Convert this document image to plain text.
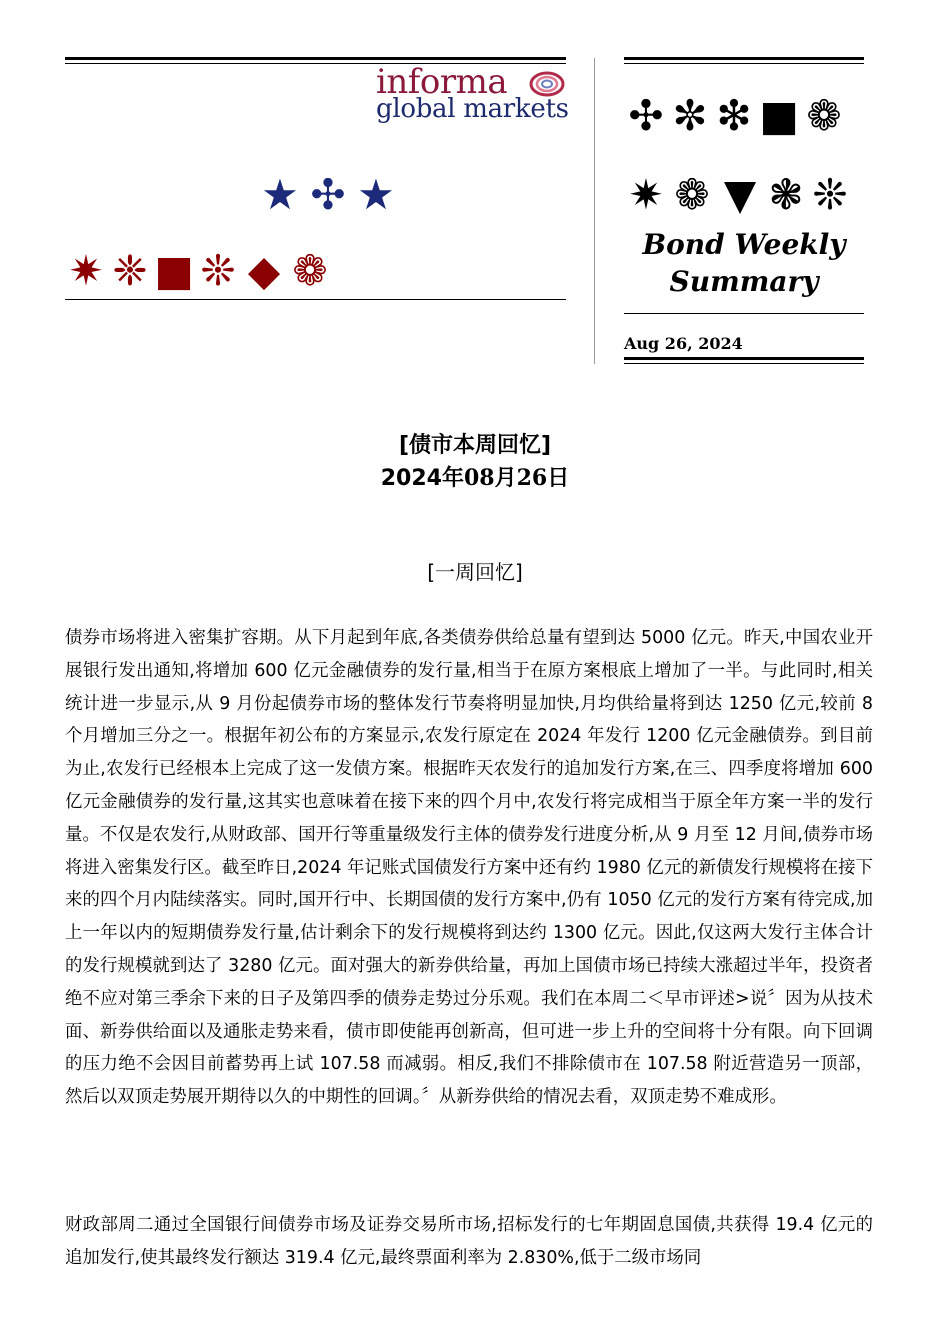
informa
global markets
★ ✣ ★
✷ ❈ ■ ❊ ◆ ❁
✣ ✼ ❇ ■ ❁
✷ ❁ ▼ ❃ ❊
Bond Weekly
Summary
Aug 26, 2024
[债市本周回忆]
2024年08月26日
[一周回忆]

债券市场将进入密集扩容期。从下月起到年底,各类债券供给总量有望到达 5000 亿元。昨天,中国农业开展银行发出通知,将增加 600 亿元金融债券的发行量,相当于在原方案根底上增加了一半。与此同时,相关统计进一步显示,从 9 月份起债券市场的整体发行节奏将明显加快,月均供给量将到达 1250 亿元,较前 8 个月增加三分之一。根据年初公布的方案显示,农发行原定在 2024 年发行 1200 亿元金融债券。到目前为止,农发行已经根本上完成了这一发债方案。根据昨天农发行的追加发行方案,在三、四季度将增加 600 亿元金融债券的发行量,这其实也意味着在接下来的四个月中,农发行将完成相当于原全年方案一半的发行量。不仅是农发行,从财政部、国开行等重量级发行主体的债券发行进度分析,从 9 月至 12 月间,债券市场将进入密集发行区。截至昨日,2024 年记账式国债发行方案中还有约 1980 亿元的新债发行规模将在接下来的四个月内陆续落实。同时,国开行中、长期国债的发行方案中,仍有 1050 亿元的发行方案有待完成,加上一年以内的短期债券发行量,估计剩余下的发行规模将到达约 1300 亿元。因此,仅这两大发行主体合计的发行规模就到达了 3280 亿元。面对强大的新券供给量，再加上国债市场已持续大涨超过半年，投资者绝不应对第三季余下来的日子及第四季的债券走势过分乐观。我们在本周二＜早市评述>说〞因为从技术面、新券供给面以及通胀走势来看，债市即使能再创新高，但可进一步上升的空间将十分有限。向下回调的压力绝不会因目前蓄势再上试 107.58 而减弱。相反,我们不排除债市在 107.58 附近营造另一顶部，然后以双顶走势展开期待以久的中期性的回调。〞从新券供给的情况去看，双顶走势不难成形。

财政部周二通过全国银行间债券市场及证券交易所市场,招标发行的七年期固息国债,共获得 19.4 亿元的追加发行,使其最终发行额达 319.4 亿元,最终票面利率为 2.830%,低于二级市场同
